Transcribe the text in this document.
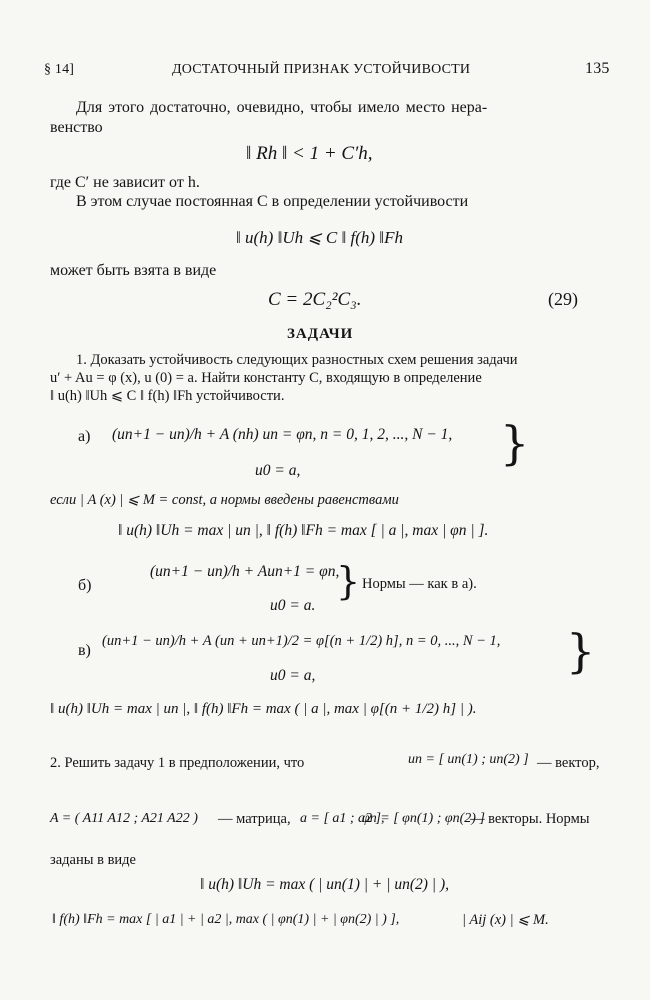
§ 14]	ДОСТАТОЧНЫЙ ПРИЗНАК УСТОЙЧИВОСТИ	135
Для этого достаточно, очевидно, чтобы имело место нера-
венство
‖ Rh ‖ < 1 + C′h,
где C′ не зависит от h.
В этом случае постоянная C в определении устойчивости
‖ u(h) ‖Uh ⩽ C ‖ f(h) ‖Fh
может быть взята в виде
C = 2C₂²C₃.	(29)
ЗАДАЧИ
1. Доказать устойчивость следующих разностных схем решения задачи
u′ + Au = φ (x), u (0) = a. Найти константу C, входящую в определение
‖ u(h) ‖Uh ⩽ C ‖ f(h) ‖Fh устойчивости.
а) (un+1 − un)/h + A (nh) un = φn, n = 0, 1, 2, ..., N − 1,
u0 = a,
}
если | A (x) | ⩽ M = const, а нормы введены равенствами
‖ u(h) ‖Uh = max | un |, ‖ f(h) ‖Fh = max [ | a |, max | φn | ].
б)
(un+1 − un)/h + Aun+1 = φn,
u0 = a.
} Нормы — как в а).
в)
(un+1 − un)/h + A (un + un+1)/2 = φ[(n + 1/2) h], n = 0, ..., N − 1,
u0 = a,	}
‖ u(h) ‖Uh = max | un |, ‖ f(h) ‖Fh = max ( | a |, max | φ[(n + 1/2) h] | ).
2. Решить задачу 1 в предположении, что	un = [ un(1) ; un(2) ] — вектор,
A = ( A11 A12 ; A21 A22 ) — матрица, a = [ a1 ; a2 ],
φn = [ φn(1) ; φn(2) ]
— векторы. Нормы
заданы в виде
‖ u(h) ‖Uh = max ( | un(1) | + | un(2) | ),
‖ f(h) ‖Fh = max [ | a1 | + | a2 |, max ( | φn(1) | + | φn(2) | ) ],	| Aij (x) | ⩽ M.
